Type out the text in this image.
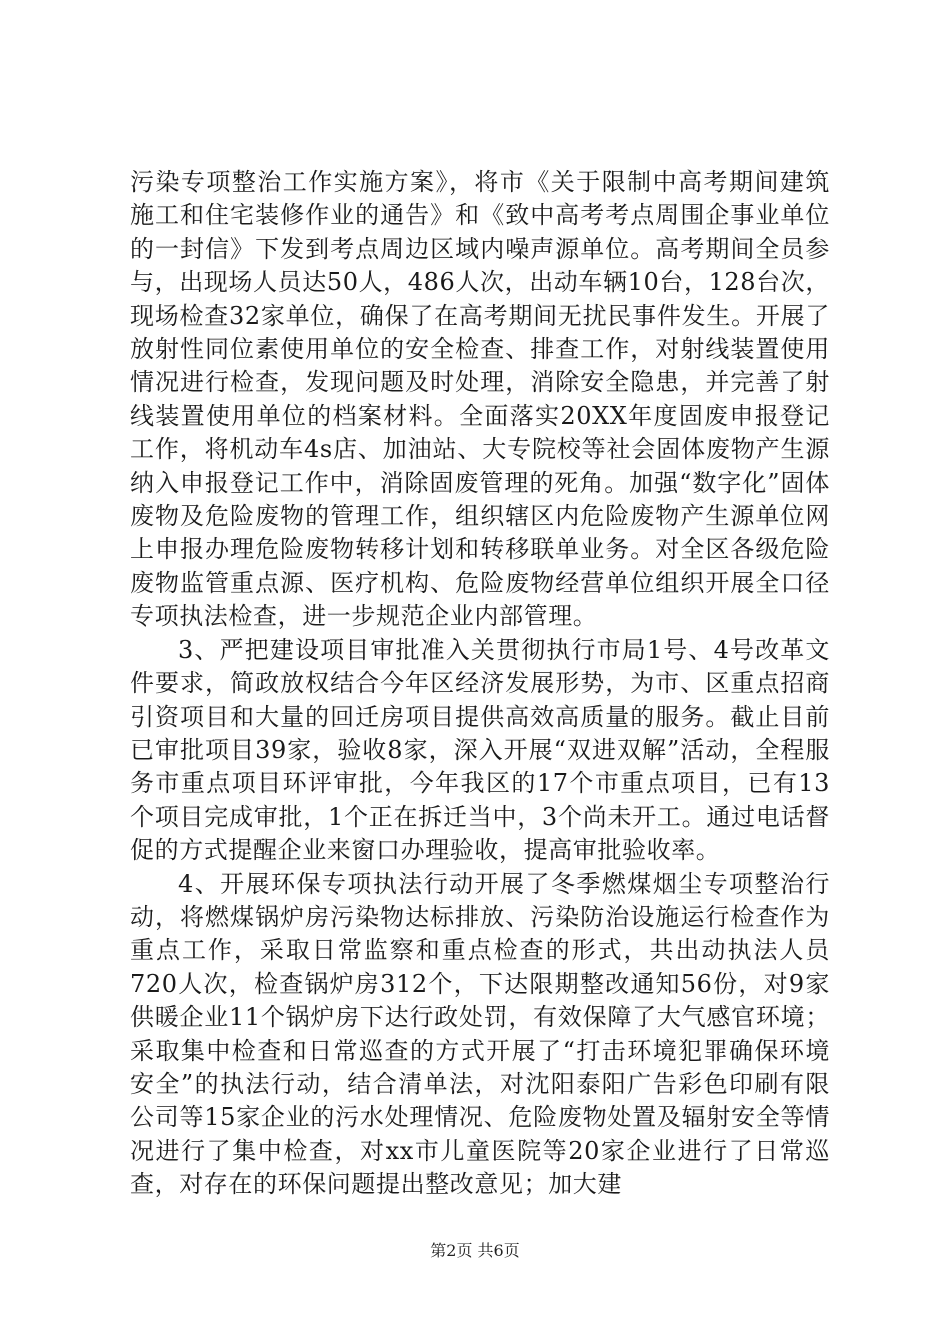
污染专项整治工作实施方案》，将市《关于限制中高考期间建筑施工和住宅装修作业的通告》和《致中高考考点周围企事业单位的一封信》下发到考点周边区域内噪声源单位。高考期间全员参与，出现场人员达50人，486人次，出动车辆10台，128台次，现场检查32家单位，确保了在高考期间无扰民事件发生。开展了放射性同位素使用单位的安全检查、排查工作，对射线装置使用情况进行检查，发现问题及时处理，消除安全隐患，并完善了射线装置使用单位的档案材料。全面落实20XX年度固废申报登记工作，将机动车4s店、加油站、大专院校等社会固体废物产生源纳入申报登记工作中，消除固废管理的死角。加强“数字化”固体废物及危险废物的管理工作，组织辖区内危险废物产生源单位网上申报办理危险废物转移计划和转移联单业务。对全区各级危险废物监管重点源、医疗机构、危险废物经营单位组织开展全口径专项执法检查，进一步规范企业内部管理。

3、严把建设项目审批准入关贯彻执行市局1号、4号改革文件要求，简政放权结合今年区经济发展形势，为市、区重点招商引资项目和大量的回迁房项目提供高效高质量的服务。截止目前已审批项目39家，验收8家，深入开展“双进双解”活动，全程服务市重点项目环评审批，今年我区的17个市重点项目，已有13个项目完成审批，1个正在拆迁当中，3个尚未开工。通过电话督促的方式提醒企业来窗口办理验收，提高审批验收率。

4、开展环保专项执法行动开展了冬季燃煤烟尘专项整治行动，将燃煤锅炉房污染物达标排放、污染防治设施运行检查作为重点工作，采取日常监察和重点检查的形式，共出动执法人员720人次，检查锅炉房312个，下达限期整改通知56份，对9家供暖企业11个锅炉房下达行政处罚，有效保障了大气感官环境；采取集中检查和日常巡查的方式开展了“打击环境犯罪确保环境安全”的执法行动，结合清单法，对沈阳泰阳广告彩色印刷有限公司等15家企业的污水处理情况、危险废物处置及辐射安全等情况进行了集中检查，对xx市儿童医院等20家企业进行了日常巡查，对存在的环保问题提出整改意见；加大建

第2页 共6页
